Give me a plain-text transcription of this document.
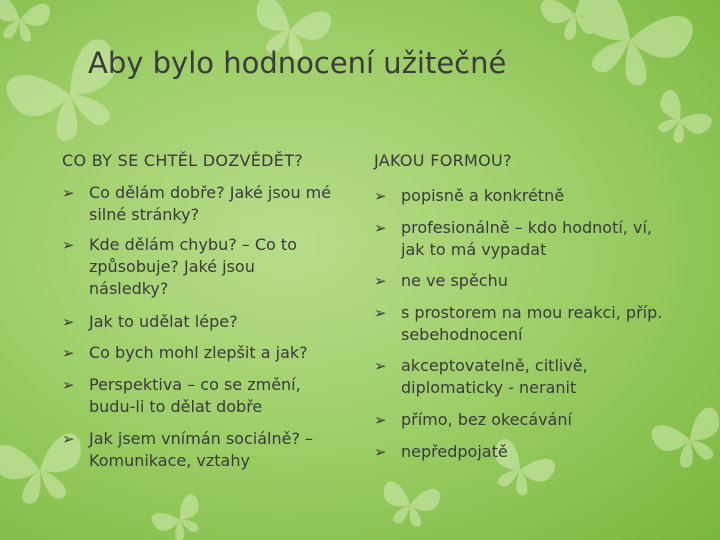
Aby bylo hodnocení užitečné
CO BY SE CHTĚL DOZVĚDĚT?	JAKOU FORMOU?
➢ Co dělám dobře? Jaké jsou mé silné stránky?
➢ Kde dělám chybu? – Co to způsobuje? Jaké jsou následky?
➢ Jak to udělat lépe?
➢ Co bych mohl zlepšit a jak?
➢ Perspektiva – co se změní, budu-li to dělat dobře
➢ Jak jsem vnímán sociálně? – Komunikace, vztahy
➢ popisně a konkrétně
➢ profesionálně – kdo hodnotí, ví, jak to má vypadat
➢ ne ve spěchu
➢ s prostorem na mou reakci, příp. sebehodnocení
➢ akceptovatelně, citlivě, diplomaticky - neranit
➢ přímo, bez okecávání
➢ nepředpojatě
